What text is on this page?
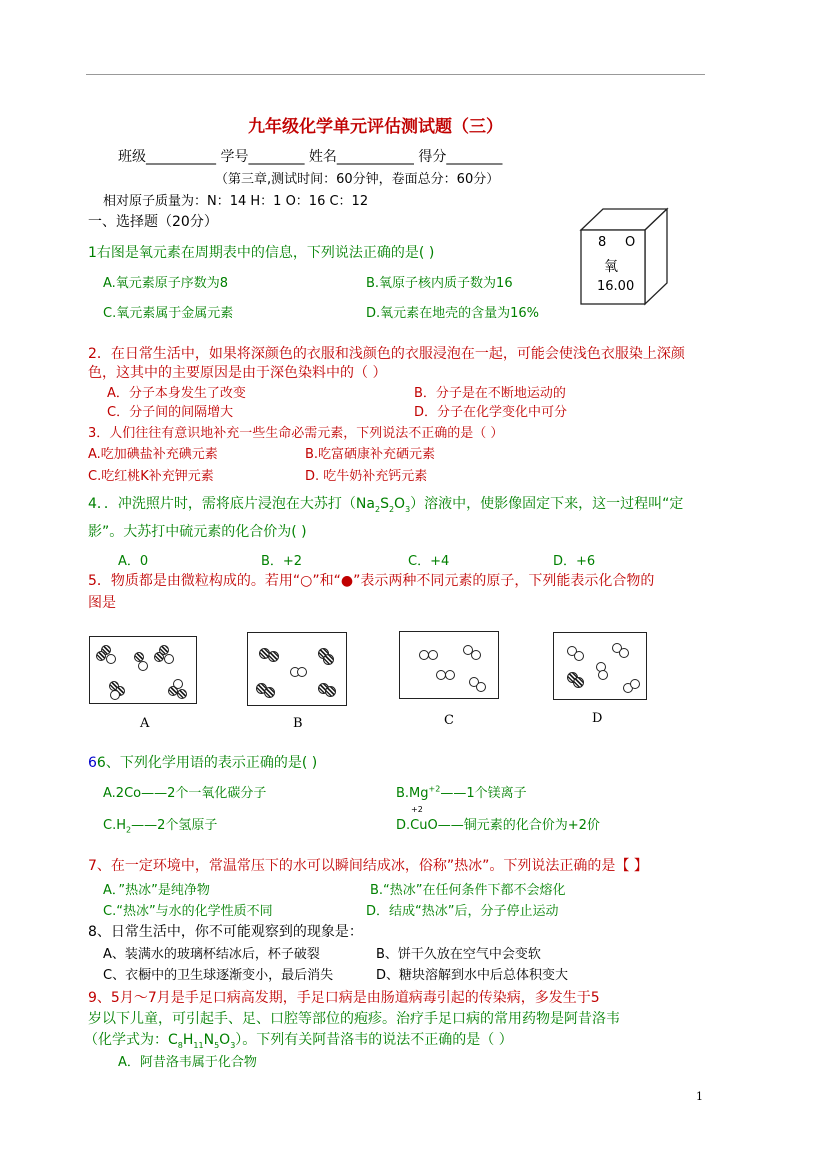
九年级化学单元评估测试题（三）
班级__________ 学号________ 姓名___________ 得分________
（第三章,测试时间：60分钟，卷面总分：60分）
相对原子质量为：N：14 H：1 O：16 C：12
一、选择题（20分）
8 O
氧
16.00
1右图是氧元素在周期表中的信息，下列说法正确的是( )
A.氧元素原子序数为8	B.氧原子核内质子数为16
C.氧元素属于金属元素	D.氧元素在地壳的含量为16%
2．在日常生活中，如果将深颜色的衣服和浅颜色的衣服浸泡在一起，可能会使浅色衣服染上深颜
色，这其中的主要原因是由于深色染料中的（ ）
A．分子本身发生了改变	B．分子是在不断地运动的
C．分子间的间隔增大	D．分子在化学变化中可分
3．人们往往有意识地补充一些生命必需元素，下列说法不正确的是（ ）
A.吃加碘盐补充碘元素	B.吃富硒康补充硒元素
C.吃红桃K补充钾元素	D. 吃牛奶补充钙元素
4．．冲洗照片时，需将底片浸泡在大苏打$(Na_2S_2O_3)$溶液中，使影像固定下来，这一过程叫“定
影”。大苏打中硫元素的化合价为( )
A．0	B．+2	C．+4	D．+6
5．物质都是由微粒构成的。若用“○”和“●”表示两种不同元素的原子，下列能表示化合物的
图是
A	B	C	D
66、下列化学用语的表示正确的是( )
A.2Co——2个一氧化碳分子	$B.Mg^{+2}——1$个镁离子
$C.H_2——2$个氢原子
+2
D.CuO——铜元素的化合价为+2价
7、在一定环境中，常温常压下的水可以瞬间结成冰，俗称”热冰”。下列说法正确的是【 】
A．”热冰”是纯净物	B.“热冰”在任何条件下都不会熔化
C.“热冰”与水的化学性质不同	D．结成“热冰”后，分子停止运动
8、日常生活中，你不可能观察到的现象是：
A、装满水的玻璃杯结冰后，杯子破裂	B、饼干久放在空气中会变软
C、衣橱中的卫生球逐渐变小，最后消失	D、糖块溶解到水中后总体积变大
9、5月～7月是手足口病高发期，手足口病是由肠道病毒引起的传染病，多发生于5
岁以下儿童，可引起手、足、口腔等部位的疱疹。治疗手足口病的常用药物是阿昔洛韦
（化学式为：$C_8H_{11}N_5O_3$）。下列有关阿昔洛韦的说法不正确的是（ ）
A．阿昔洛韦属于化合物
1
